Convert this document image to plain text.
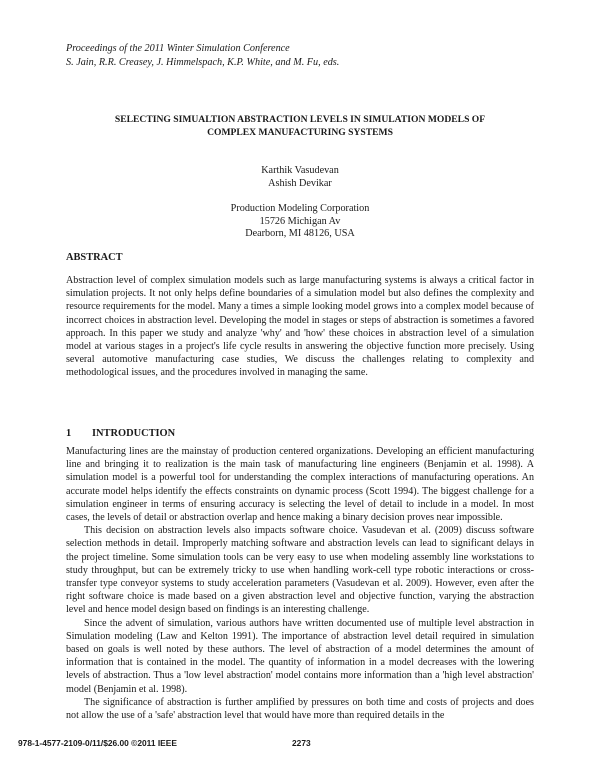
Proceedings of the 2011 Winter Simulation Conference
S. Jain, R.R. Creasey, J. Himmelspach, K.P. White, and M. Fu, eds.
SELECTING SIMUALTION ABSTRACTION LEVELS IN SIMULATION MODELS OF
COMPLEX MANUFACTURING SYSTEMS
Karthik Vasudevan
Ashish Devikar
Production Modeling Corporation
15726 Michigan Av
Dearborn, MI 48126, USA
ABSTRACT

Abstraction level of complex simulation models such as large manufacturing systems is always a critical factor in simulation projects. It not only helps define boundaries of a simulation model but also defines the complexity and resource requirements for the model. Many a times a simple looking model grows into a complex model because of incorrect choices in abstraction level. Developing the model in stages or steps of abstraction is sometimes a favored approach. In this paper we study and analyze 'why' and 'how' these choices in abstraction level of a simulation model at various stages in a project's life cycle results in answering the objective function more precisely. Using several automotive manufacturing case studies, We discuss the challenges relating to complexity and methodological issues, and the procedures involved in managing the same.

1 INTRODUCTION

Manufacturing lines are the mainstay of production centered organizations. Developing an efficient manufacturing line and bringing it to realization is the main task of manufacturing line engineers (Benjamin et al. 1998). A simulation model is a powerful tool for understanding the complex interactions of manufacturing operations. An accurate model helps identify the effects constraints on dynamic process (Scott 1994). The biggest challenge for a simulation engineer in terms of ensuring accuracy is selecting the level of detail to include in a model. In most cases, the levels of detail or abstraction overlap and hence making a binary decision proves near impossible.

This decision on abstraction levels also impacts software choice. Vasudevan et al. (2009) discuss software selection methods in detail. Improperly matching software and abstraction levels can lead to significant delays in the project timeline. Some simulation tools can be very easy to use when modeling assembly line workstations to study throughput, but can be extremely tricky to use when handling work-cell type robotic interactions or cross-transfer type conveyor systems to study acceleration parameters (Vasudevan et al. 2009). However, even after the right software choice is made based on a given abstraction level and objective function, varying the abstraction level and hence model design based on findings is an interesting challenge.

Since the advent of simulation, various authors have written documented use of multiple level abstraction in Simulation modeling (Law and Kelton 1991). The importance of abstraction level detail required in simulation based on goals is well noted by these authors. The level of abstraction of a model determines the amount of information that is contained in the model. The quantity of information in a model decreases with the lowering levels of abstraction. Thus a 'low level abstraction' model contains more information than a 'high level abstraction' model (Benjamin et al. 1998).

The significance of abstraction is further amplified by pressures on both time and costs of projects and does not allow the use of a 'safe' abstraction level that would have more than required details in the

978-1-4577-2109-0/11/$26.00 ©2011 IEEE	2273
